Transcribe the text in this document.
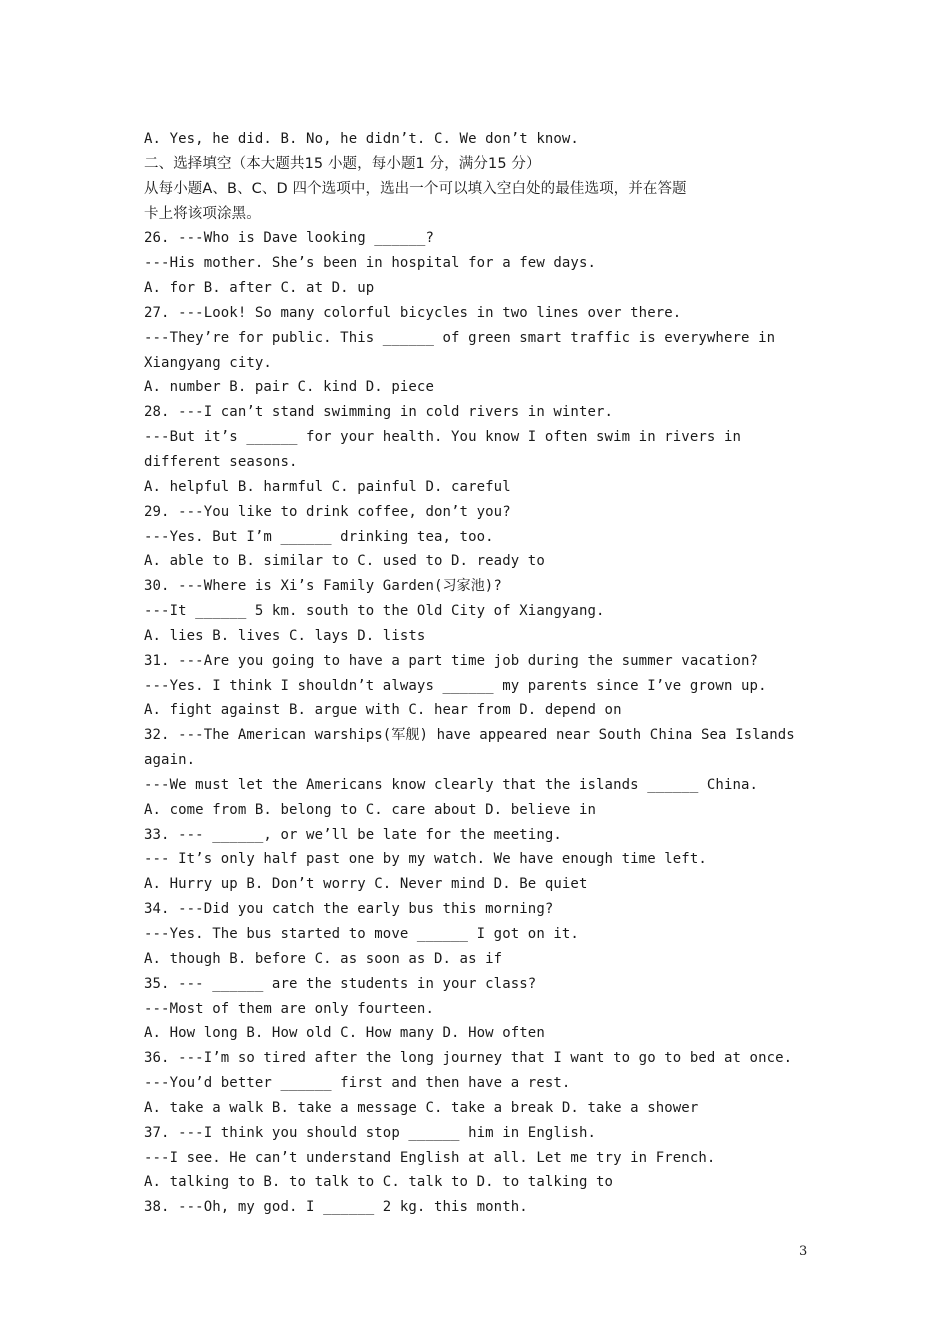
A. Yes, he did. B. No, he didn’t. C. We don’t know.
二、选择填空（本大题共15 小题，每小题1 分，满分15 分）
从每小题A、B、C、D 四个选项中，选出一个可以填入空白处的最佳选项，并在答题
卡上将该项涂黑。
26. ---Who is Dave looking ______?
---His mother. She’s been in hospital for a few days.
A. for B. after C. at D. up
27. ---Look! So many colorful bicycles in two lines over there.
---They’re for public. This ______ of green smart traffic is everywhere in
Xiangyang city.
A. number B. pair C. kind D. piece
28. ---I can’t stand swimming in cold rivers in winter.
---But it’s ______ for your health. You know I often swim in rivers in
different seasons.
A. helpful B. harmful C. painful D. careful
29. ---You like to drink coffee, don’t you?
---Yes. But I’m ______ drinking tea, too.
A. able to B. similar to C. used to D. ready to
30. ---Where is Xi’s Family Garden(习家池)?
---It ______ 5 km. south to the Old City of Xiangyang.
A. lies B. lives C. lays D. lists
31. ---Are you going to have a part time job during the summer vacation?
---Yes. I think I shouldn’t always ______ my parents since I’ve grown up.
A. fight against B. argue with C. hear from D. depend on
32. ---The American warships(军舰) have appeared near South China Sea Islands
again.
---We must let the Americans know clearly that the islands ______ China.
A. come from B. belong to C. care about D. believe in
33. --- ______, or we’ll be late for the meeting.
--- It’s only half past one by my watch. We have enough time left.
A. Hurry up B. Don’t worry C. Never mind D. Be quiet
34. ---Did you catch the early bus this morning?
---Yes. The bus started to move ______ I got on it.
A. though B. before C. as soon as D. as if
35. --- ______ are the students in your class?
---Most of them are only fourteen.
A. How long B. How old C. How many D. How often
36. ---I’m so tired after the long journey that I want to go to bed at once.
---You’d better ______ first and then have a rest.
A. take a walk B. take a message C. take a break D. take a shower
37. ---I think you should stop ______ him in English.
---I see. He can’t understand English at all. Let me try in French.
A. talking to B. to talk to C. talk to D. to talking to
38. ---Oh, my god. I ______ 2 kg. this month.
3
